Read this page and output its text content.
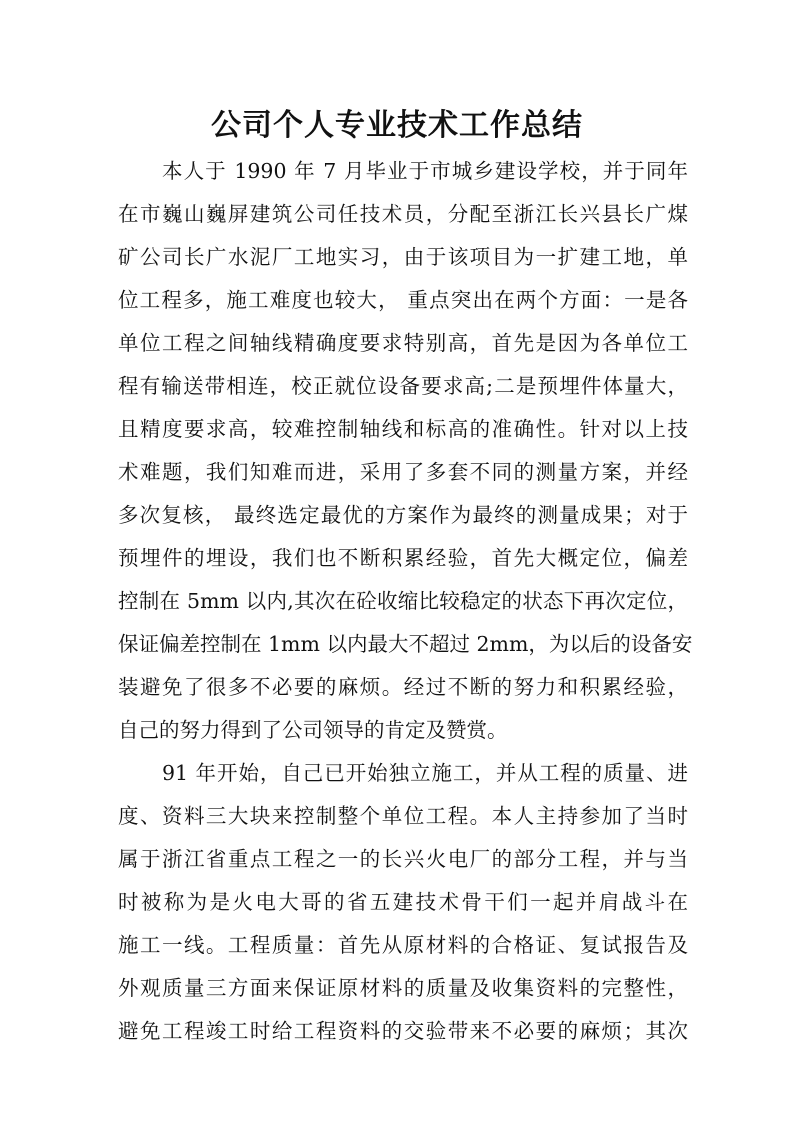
公司个人专业技术工作总结
本人于 1990 年 7 月毕业于市城乡建设学校，并于同年
在市巍山巍屏建筑公司任技术员，分配至浙江长兴县长广煤
矿公司长广水泥厂工地实习，由于该项目为一扩建工地，单
位工程多，施工难度也较大， 重点突出在两个方面：一是各
单位工程之间轴线精确度要求特别高，首先是因为各单位工
程有输送带相连，校正就位设备要求高;二是预埋件体量大，
且精度要求高，较难控制轴线和标高的准确性。针对以上技
术难题，我们知难而进，采用了多套不同的测量方案，并经
多次复核， 最终选定最优的方案作为最终的测量成果；对于
预埋件的埋设，我们也不断积累经验，首先大概定位，偏差
控制在 5mm 以内,其次在砼收缩比较稳定的状态下再次定位，
保证偏差控制在 1mm 以内最大不超过 2mm，为以后的设备安
装避免了很多不必要的麻烦。经过不断的努力和积累经验，
自己的努力得到了公司领导的肯定及赞赏。
91 年开始，自己已开始独立施工，并从工程的质量、进
度、资料三大块来控制整个单位工程。本人主持参加了当时
属于浙江省重点工程之一的长兴火电厂的部分工程，并与当
时被称为是火电大哥的省五建技术骨干们一起并肩战斗在
施工一线。工程质量：首先从原材料的合格证、复试报告及
外观质量三方面来保证原材料的质量及收集资料的完整性，
避免工程竣工时给工程资料的交验带来不必要的麻烦；其次
